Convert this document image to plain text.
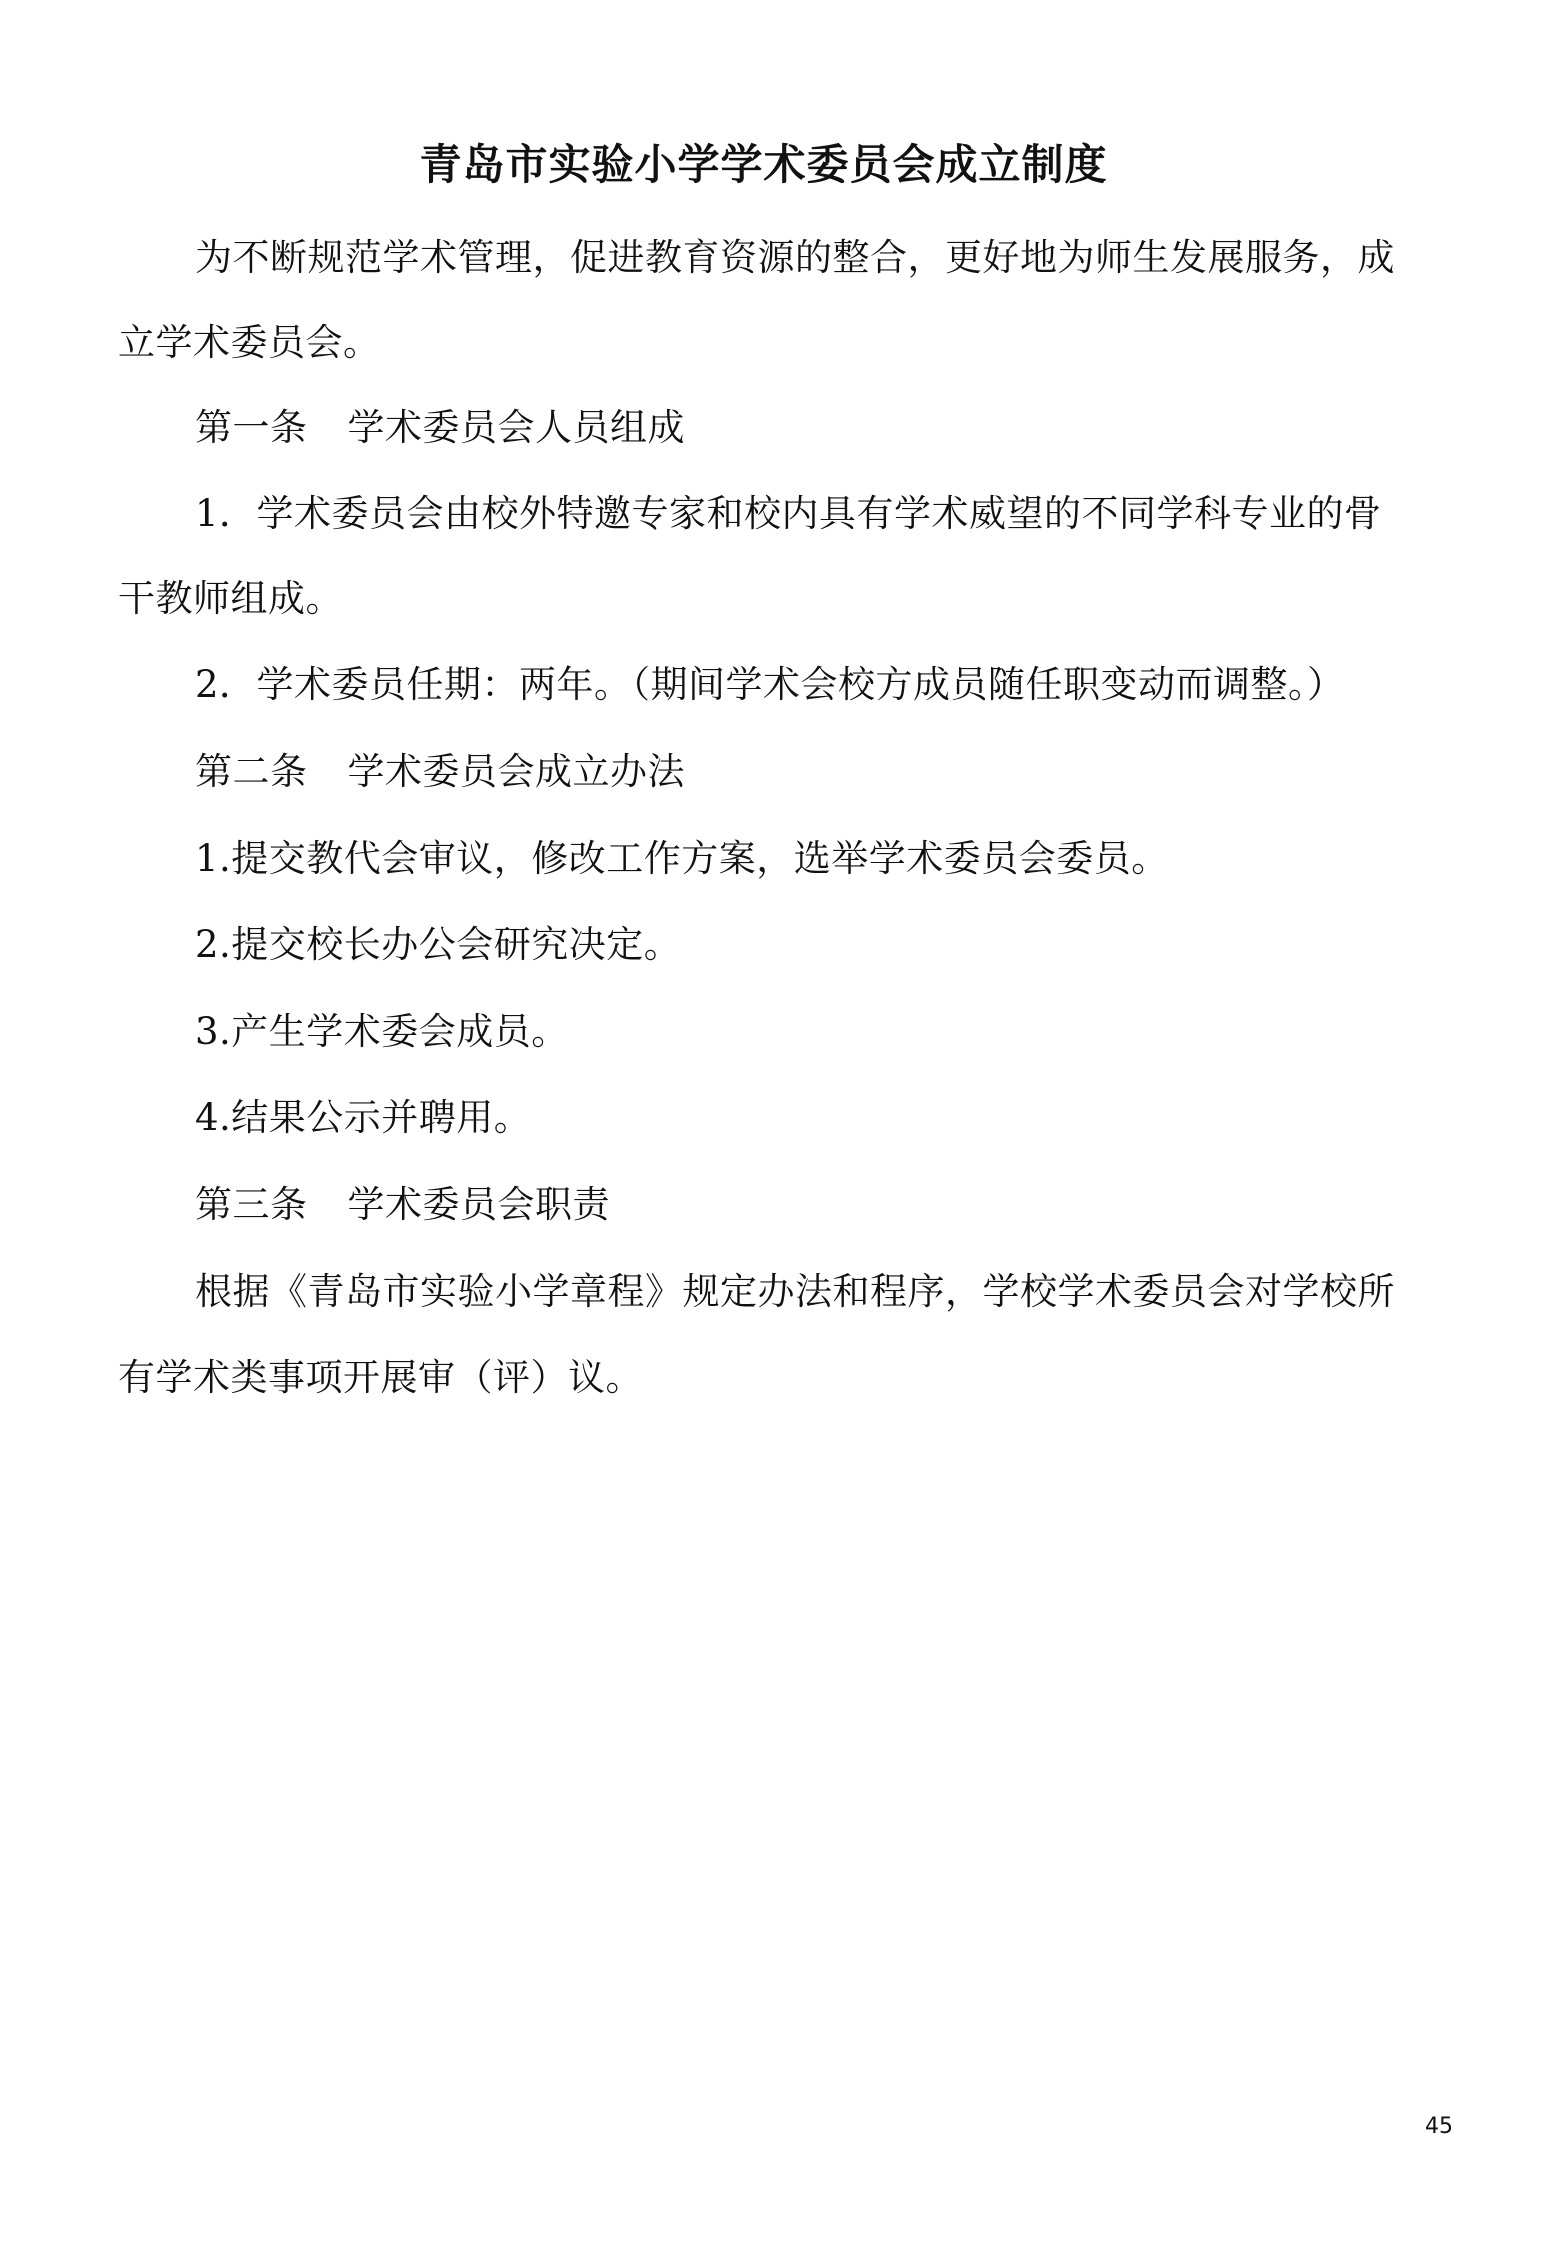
青岛市实验小学学术委员会成立制度
为不断规范学术管理，促进教育资源的整合，更好地为师生发展服务，成
立学术委员会。
第一条 学术委员会人员组成
1．学术委员会由校外特邀专家和校内具有学术威望的不同学科专业的骨
干教师组成。
2．学术委员任期：两年。（期间学术会校方成员随任职变动而调整。）
第二条 学术委员会成立办法
1.提交教代会审议，修改工作方案，选举学术委员会委员。
2.提交校长办公会研究决定。
3.产生学术委会成员。
4.结果公示并聘用。
第三条 学术委员会职责
根据《青岛市实验小学章程》规定办法和程序，学校学术委员会对学校所
有学术类事项开展审（评）议。
45
